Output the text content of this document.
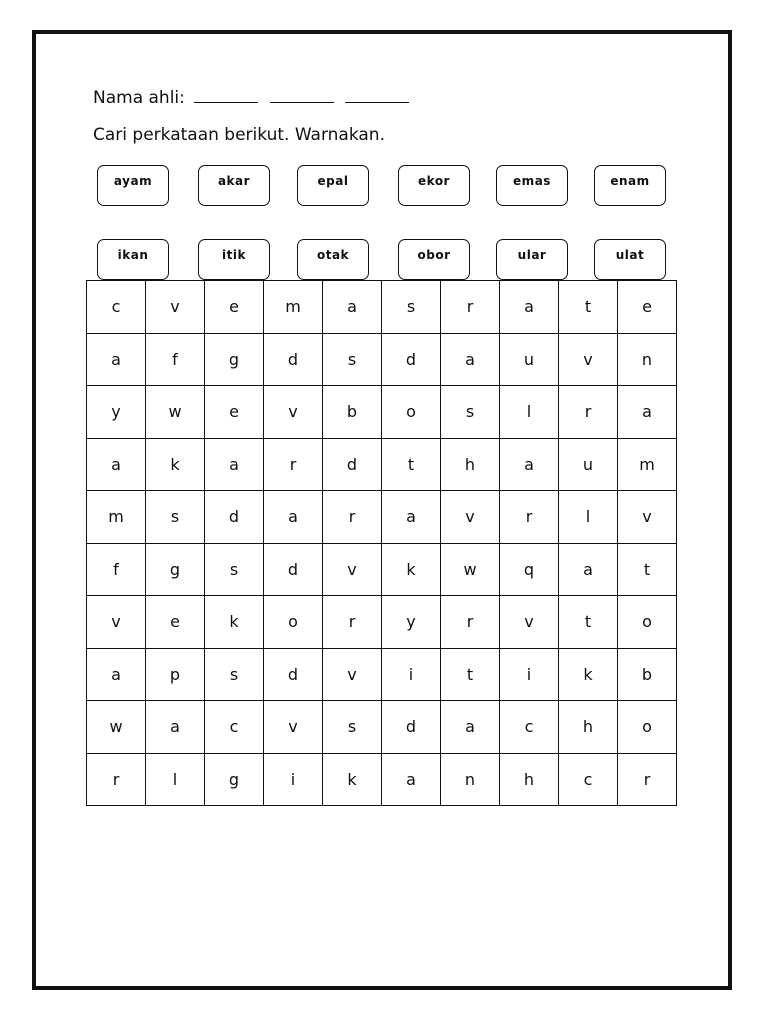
Nama ahli:
Cari perkataan berikut. Warnakan.
ayam	akar	epal	ekor	emas	enam
ikan	itik	otak	obor	ular	ulat
c	v	e	m	a	s	r	a	t	e
a	f	g	d	s	d	a	u	v	n
y	w	e	v	b	o	s	l	r	a
a	k	a	r	d	t	h	a	u	m
m	s	d	a	r	a	v	r	l	v
f	g	s	d	v	k	w	q	a	t
v	e	k	o	r	y	r	v	t	o
a	p	s	d	v	i	t	i	k	b
w	a	c	v	s	d	a	c	h	o
r	l	g	i	k	a	n	h	c	r
